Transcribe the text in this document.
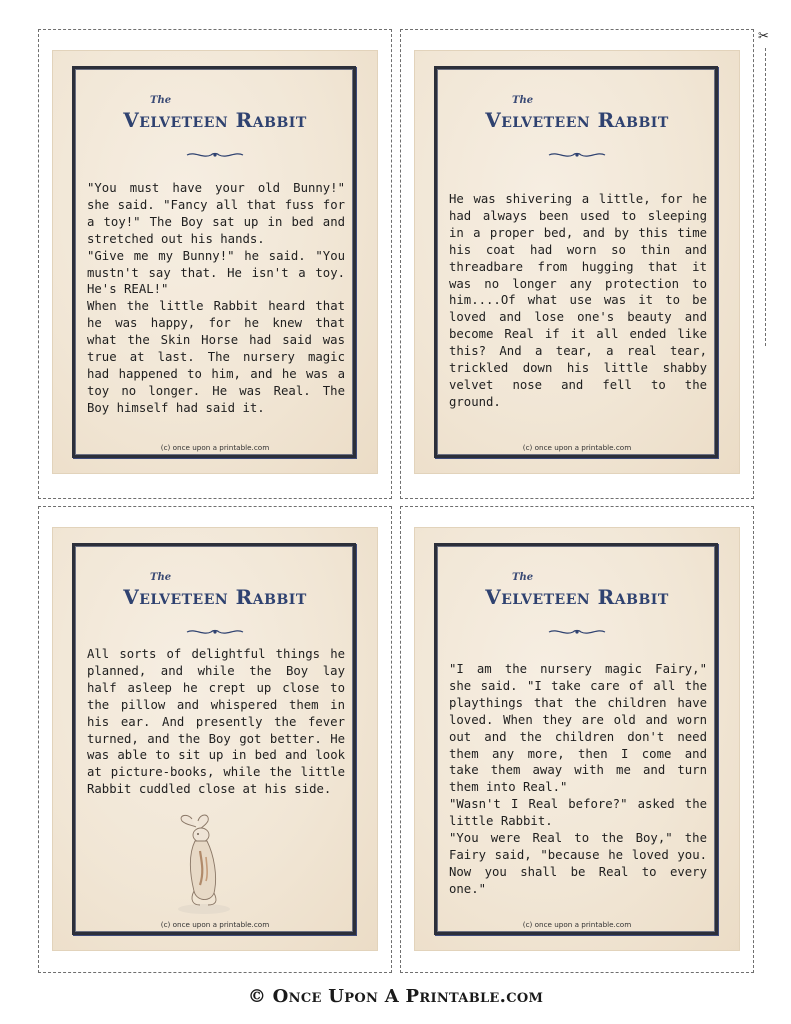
The
Velveteen Rabbit
"You must have your old Bunny!" she said. "Fancy all that fuss for a toy!" The Boy sat up in bed and stretched out his hands.
"Give me my Bunny!" he said. "You mustn't say that. He isn't a toy. He's REAL!"
When the little Rabbit heard that he was happy, for he knew that what the Skin Horse had said was true at last. The nursery magic had happened to him, and he was a toy no longer. He was Real. The Boy himself had said it.
(c) once upon a printable.com
The
Velveteen Rabbit
He was shivering a little, for he had always been used to sleeping in a proper bed, and by this time his coat had worn so thin and threadbare from hugging that it was no longer any protection to him....Of what use was it to be loved and lose one's beauty and become Real if it all ended like this? And a tear, a real tear, trickled down his little shabby velvet nose and fell to the ground.
(c) once upon a printable.com
✂
The
Velveteen Rabbit
All sorts of delightful things he planned, and while the Boy lay half asleep he crept up close to the pillow and whispered them in his ear. And presently the fever turned, and the Boy got better. He was able to sit up in bed and look at picture-books, while the little Rabbit cuddled close at his side.
(c) once upon a printable.com
The
Velveteen Rabbit
"I am the nursery magic Fairy," she said. "I take care of all the playthings that the children have loved. When they are old and worn out and the children don't need them any more, then I come and take them away with me and turn them into Real."
"Wasn't I Real before?" asked the little Rabbit.
"You were Real to the Boy," the Fairy said, "because he loved you. Now you shall be Real to every one."
(c) once upon a printable.com
© Once Upon A Printable.com
